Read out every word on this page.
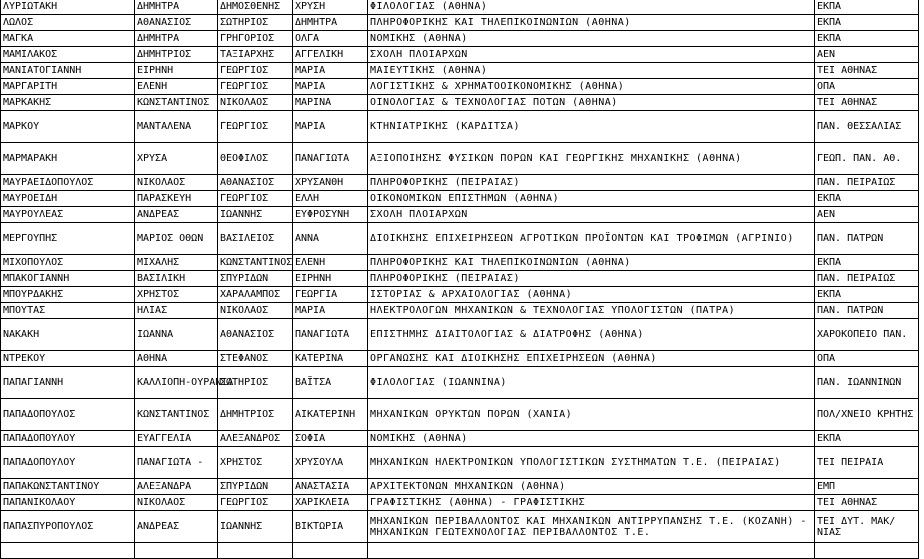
ΛΥΡΙΩΤΑΚΗ	ΔΗΜΗΤΡΑ	ΔΗΜΟΣΘΕΝΗΣ	ΧΡΥΣΗ	ΦΙΛΟΛΟΓΙΑΣ (ΑΘΗΝΑ)	ΕΚΠΑ
ΛΩΛΟΣ	ΑΘΑΝΑΣΙΟΣ	ΣΩΤΗΡΙΟΣ	ΔΗΜΗΤΡΑ	ΠΛΗΡΟΦΟΡΙΚΗΣ ΚΑΙ ΤΗΛΕΠΙΚΟΙΝΩΝΙΩΝ (ΑΘΗΝΑ)	ΕΚΠΑ
ΜΑΓΚΑ	ΔΗΜΗΤΡΑ	ΓΡΗΓΟΡΙΟΣ	ΟΛΓΑ	ΝΟΜΙΚΗΣ (ΑΘΗΝΑ)	ΕΚΠΑ
ΜΑΜΙΛΑΚΟΣ	ΔΗΜΗΤΡΙΟΣ	ΤΑΞΙΑΡΧΗΣ	ΑΓΓΕΛΙΚΗ	ΣΧΟΛΗ ΠΛΟΙΑΡΧΩΝ	ΑΕΝ
ΜΑΝΙΑΤΟΓΙΑΝΝΗ	ΕΙΡΗΝΗ	ΓΕΩΡΓΙΟΣ	ΜΑΡΙΑ	ΜΑΙΕΥΤΙΚΗΣ (ΑΘΗΝΑ)	ΤΕΙ ΑΘΗΝΑΣ
ΜΑΡΓΑΡΙΤΗ	ΕΛΕΝΗ	ΓΕΩΡΓΙΟΣ	ΜΑΡΙΑ	ΛΟΓΙΣΤΙΚΗΣ & ΧΡΗΜΑΤΟΟΙΚΟΝΟΜΙΚΗΣ (ΑΘΗΝΑ)	ΟΠΑ
ΜΑΡΚΑΚΗΣ	ΚΩΝΣΤΑΝΤΙΝΟΣ	ΝΙΚΟΛΑΟΣ	ΜΑΡΙΝΑ	ΟΙΝΟΛΟΓΙΑΣ & ΤΕΧΝΟΛΟΓΙΑΣ ΠΟΤΩΝ (ΑΘΗΝΑ)	ΤΕΙ ΑΘΗΝΑΣ
ΜΑΡΚΟΥ	ΜΑΝΤΑΛΕΝΑ	ΓΕΩΡΓΙΟΣ	ΜΑΡΙΑ	ΚΤΗΝΙΑΤΡΙΚΗΣ (ΚΑΡΔΙΤΣΑ)	ΠΑΝ. ΘΕΣΣΑΛΙΑΣ
ΜΑΡΜΑΡΑΚΗ	ΧΡΥΣΑ	ΘΕΟΦΙΛΟΣ	ΠΑΝΑΓΙΩΤΑ	ΑΞΙΟΠΟΙΗΣΗΣ ΦΥΣΙΚΩΝ ΠΟΡΩΝ ΚΑΙ ΓΕΩΡΓΙΚΗΣ ΜΗΧΑΝΙΚΗΣ (ΑΘΗΝΑ)	ΓΕΩΠ. ΠΑΝ. ΑΘ.
ΜΑΥΡΑΕΙΔΟΠΟΥΛΟΣ	ΝΙΚΟΛΑΟΣ	ΑΘΑΝΑΣΙΟΣ	ΧΡΥΣΑΝΘΗ	ΠΛΗΡΟΦΟΡΙΚΗΣ (ΠΕΙΡΑΙΑΣ)	ΠΑΝ. ΠΕΙΡΑΙΩΣ
ΜΑΥΡΟΕΙΔΗ	ΠΑΡΑΣΚΕΥΗ	ΓΕΩΡΓΙΟΣ	ΕΛΛΗ	ΟΙΚΟΝΟΜΙΚΩΝ ΕΠΙΣΤΗΜΩΝ (ΑΘΗΝΑ)	ΕΚΠΑ
ΜΑΥΡΟΥΛΕΑΣ	ΑΝΔΡΕΑΣ	ΙΩΑΝΝΗΣ	ΕΥΦΡΟΣΥΝΗ	ΣΧΟΛΗ ΠΛΟΙΑΡΧΩΝ	ΑΕΝ
ΜΕΡΓΟΥΠΗΣ	ΜΑΡΙΟΣ ΟΘΩΝ	ΒΑΣΙΛΕΙΟΣ	ΑΝΝΑ	ΔΙΟΙΚΗΣΗΣ ΕΠΙΧΕΙΡΗΣΕΩΝ ΑΓΡΟΤΙΚΩΝ ΠΡΟΪΟΝΤΩΝ ΚΑΙ ΤΡΟΦΙΜΩΝ (ΑΓΡΙΝΙΟ)	ΠΑΝ. ΠΑΤΡΩΝ
ΜΙΧΟΠΟΥΛΟΣ	ΜΙΧΑΛΗΣ	ΚΩΝΣΤΑΝΤΙΝΟΣ	ΕΛΕΝΗ	ΠΛΗΡΟΦΟΡΙΚΗΣ ΚΑΙ ΤΗΛΕΠΙΚΟΙΝΩΝΙΩΝ (ΑΘΗΝΑ)	ΕΚΠΑ
ΜΠΑΚΟΓΙΑΝΝΗ	ΒΑΣΙΛΙΚΗ	ΣΠΥΡΙΔΩΝ	ΕΙΡΗΝΗ	ΠΛΗΡΟΦΟΡΙΚΗΣ (ΠΕΙΡΑΙΑΣ)	ΠΑΝ. ΠΕΙΡΑΙΩΣ
ΜΠΟΥΡΔΑΚΗΣ	ΧΡΗΣΤΟΣ	ΧΑΡΑΛΑΜΠΟΣ	ΓΕΩΡΓΙΑ	ΙΣΤΟΡΙΑΣ & ΑΡΧΑΙΟΛΟΓΙΑΣ (ΑΘΗΝΑ)	ΕΚΠΑ
ΜΠΟΥΤΑΣ	ΗΛΙΑΣ	ΝΙΚΟΛΑΟΣ	ΜΑΡΙΑ	ΗΛΕΚΤΡΟΛΟΓΩΝ ΜΗΧΑΝΙΚΩΝ & ΤΕΧΝΟΛΟΓΙΑΣ ΥΠΟΛΟΓΙΣΤΩΝ (ΠΑΤΡΑ)	ΠΑΝ. ΠΑΤΡΩΝ
ΝΑΚΑΚΗ	ΙΩΑΝΝΑ	ΑΘΑΝΑΣΙΟΣ	ΠΑΝΑΓΙΩΤΑ	ΕΠΙΣΤΗΜΗΣ ΔΙΑΙΤΟΛΟΓΙΑΣ & ΔΙΑΤΡΟΦΗΣ (ΑΘΗΝΑ)	ΧΑΡΟΚΟΠΕΙΟ ΠΑΝ.
ΝΤΡΕΚΟΥ	ΑΘΗΝΑ	ΣΤΕΦΑΝΟΣ	ΚΑΤΕΡΙΝΑ	ΟΡΓΑΝΩΣΗΣ ΚΑΙ ΔΙΟΙΚΗΣΗΣ ΕΠΙΧΕΙΡΗΣΕΩΝ (ΑΘΗΝΑ)	ΟΠΑ
ΠΑΠΑΓΙΑΝΝΗ	ΚΑΛΛΙΟΠΗ-ΟΥΡΑΝΙΑ	ΣΩΤΗΡΙΟΣ	ΒΑΪΤΣΑ	ΦΙΛΟΛΟΓΙΑΣ (ΙΩΑΝΝΙΝΑ)	ΠΑΝ. ΙΩΑΝΝΙΝΩΝ
ΠΑΠΑΔΟΠΟΥΛΟΣ	ΚΩΝΣΤΑΝΤΙΝΟΣ	ΔΗΜΗΤΡΙΟΣ	ΑΙΚΑΤΕΡΙΝΗ	ΜΗΧΑΝΙΚΩΝ ΟΡΥΚΤΩΝ ΠΟΡΩΝ (ΧΑΝΙΑ)	ΠΟΛ/ΧΝΕΙΟ ΚΡΗΤΗΣ
ΠΑΠΑΔΟΠΟΥΛΟΥ	ΕΥΑΓΓΕΛΙΑ	ΑΛΕΞΑΝΔΡΟΣ	ΣΟΦΙΑ	ΝΟΜΙΚΗΣ (ΑΘΗΝΑ)	ΕΚΠΑ
ΠΑΠΑΔΟΠΟΥΛΟΥ	ΠΑΝΑΓΙΩΤΑ -	ΧΡΗΣΤΟΣ	ΧΡΥΣΟΥΛΑ	ΜΗΧΑΝΙΚΩΝ ΗΛΕΚΤΡΟΝΙΚΩΝ ΥΠΟΛΟΓΙΣΤΙΚΩΝ ΣΥΣΤΗΜΑΤΩΝ Τ.Ε. (ΠΕΙΡΑΙΑΣ)	ΤΕΙ ΠΕΙΡΑΙΑ
ΠΑΠΑΚΩΝΣΤΑΝΤΙΝΟΥ	ΑΛΕΞΑΝΔΡΑ	ΣΠΥΡΙΔΩΝ	ΑΝΑΣΤΑΣΙΑ	ΑΡΧΙΤΕΚΤΟΝΩΝ ΜΗΧΑΝΙΚΩΝ (ΑΘΗΝΑ)	ΕΜΠ
ΠΑΠΑΝΙΚΟΛΑΟΥ	ΝΙΚΟΛΑΟΣ	ΓΕΩΡΓΙΟΣ	ΧΑΡΙΚΛΕΙΑ	ΓΡΑΦΙΣΤΙΚΗΣ (ΑΘΗΝΑ) - ΓΡΑΦΙΣΤΙΚΗΣ	ΤΕΙ ΑΘΗΝΑΣ
ΠΑΠΑΣΠΥΡΟΠΟΥΛΟΣ	ΑΝΔΡΕΑΣ	ΙΩΑΝΝΗΣ	ΒΙΚΤΩΡΙΑ	ΜΗΧΑΝΙΚΩΝ ΠΕΡΙΒΑΛΛΟΝΤΟΣ ΚΑΙ ΜΗΧΑΝΙΚΩΝ ΑΝΤΙΡΡΥΠΑΝΣΗΣ Τ.Ε. (ΚΟΖΑΝΗ) - ΜΗΧΑΝΙΚΩΝ ΓΕΩΤΕΧΝΟΛΟΓΙΑΣ ΠΕΡΙΒΑΛΛΟΝΤΟΣ Τ.Ε.	ΤΕΙ ΔΥΤ. ΜΑΚ/ΝΙΑΣ
